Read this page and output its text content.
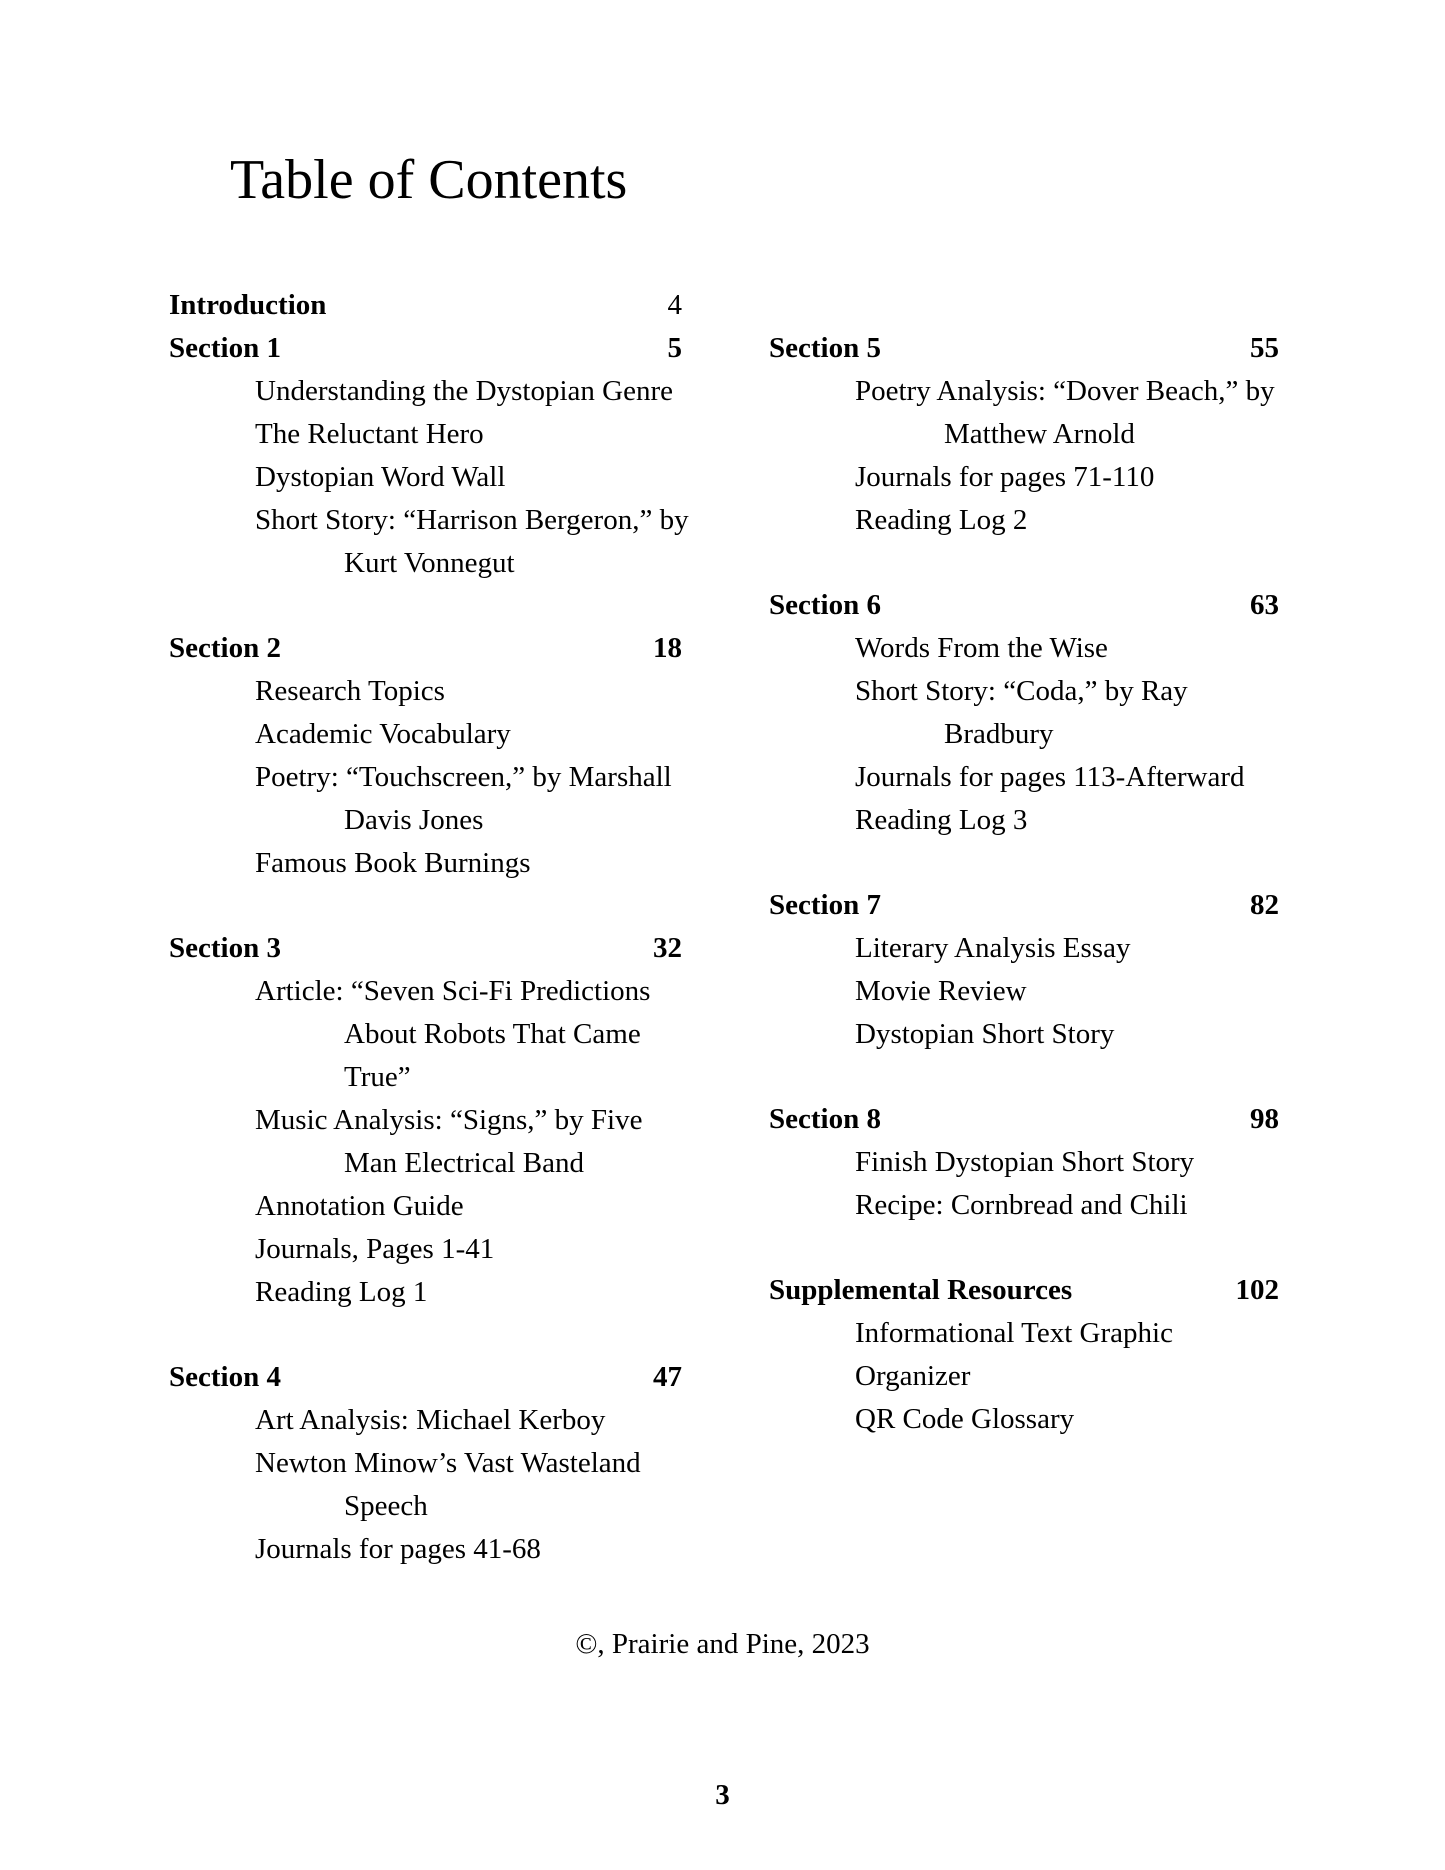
Table of Contents
Introduction	4
Section 1	5
Understanding the Dystopian Genre
The Reluctant Hero
Dystopian Word Wall
Short Story: “Harrison Bergeron,” by
Kurt Vonnegut
Section 2	18
Research Topics
Academic Vocabulary
Poetry: “Touchscreen,” by Marshall
Davis Jones
Famous Book Burnings
Section 3	32
Article: “Seven Sci-Fi Predictions
About Robots That Came
True”
Music Analysis: “Signs,” by Five
Man Electrical Band
Annotation Guide
Journals, Pages 1-41
Reading Log 1
Section 4	47
Art Analysis: Michael Kerboy
Newton Minow’s Vast Wasteland
Speech
Journals for pages 41-68
Section 5	55
Poetry Analysis: “Dover Beach,” by
Matthew Arnold
Journals for pages 71-110
Reading Log 2
Section 6	63
Words From the Wise
Short Story: “Coda,” by Ray
Bradbury
Journals for pages 113-Afterward
Reading Log 3
Section 7	82
Literary Analysis Essay
Movie Review
Dystopian Short Story
Section 8	98
Finish Dystopian Short Story
Recipe: Cornbread and Chili
Supplemental Resources	102
Informational Text Graphic
Organizer
QR Code Glossary
©, Prairie and Pine, 2023
3
